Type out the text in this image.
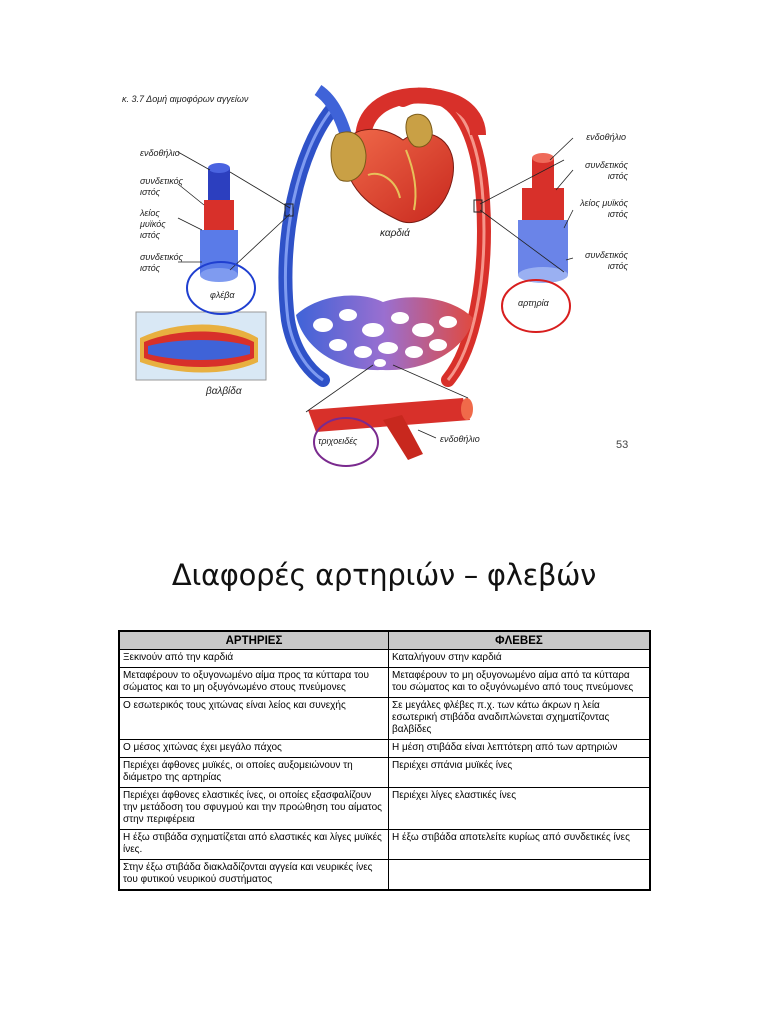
κ. 3.7 Δομή αιμοφόρων αγγείων
ενδοθήλιο
συνδετικός ιστός
λείος μυϊκός ιστός
συνδετικός ιστός
φλέβα
βαλβίδα
καρδιά
ενδοθήλιο
συνδετικός ιστός
λείος μυϊκός ιστός
συνδετικός ιστός
αρτηρία
τριχοειδές	ενδοθήλιο	53
Διαφορές αρτηριών – φλεβών
ΑΡΤΗΡΙΕΣ	ΦΛΕΒΕΣ
Ξεκινούν από την καρδιά	Καταλήγουν στην καρδιά
Μεταφέρουν το οξυγονωμένο αίμα προς τα κύτταρα του σώματος και το μη οξυγόνωμένο στους πνεύμονες	Μεταφέρουν το μη οξυγονωμένο αίμα από τα κύτταρα του σώματος και το οξυγόνωμένο από τους πνεύμονες
Ο εσωτερικός τους χιτώνας είναι λείος και συνεχής	Σε μεγάλες φλέβες π.χ. των κάτω άκρων η λεία εσωτερική στιβάδα αναδιπλώνεται σχηματίζοντας βαλβίδες
Ο μέσος χιτώνας έχει μεγάλο πάχος	Η μέση στιβάδα είναι λεπτότερη από των αρτηριών
Περιέχει άφθονες μυϊκές, οι οποίες αυξομειώνουν τη διάμετρο της αρτηρίας	Περιέχει σπάνια μυϊκές ίνες
Περιέχει άφθονες ελαστικές ίνες, οι οποίες εξασφαλίζουν την μετάδοση του σφυγμού και την προώθηση του αίματος στην περιφέρεια	Περιέχει λίγες ελαστικές ίνες
Η έξω στιβάδα σχηματίζεται από ελαστικές και λίγες μυϊκές ίνες.	Η έξω στιβάδα αποτελείτε κυρίως από συνδετικές ίνες
Στην έξω στιβάδα διακλαδίζονται αγγεία και νευρικές ίνες του φυτικού νευρικού συστήματος	
